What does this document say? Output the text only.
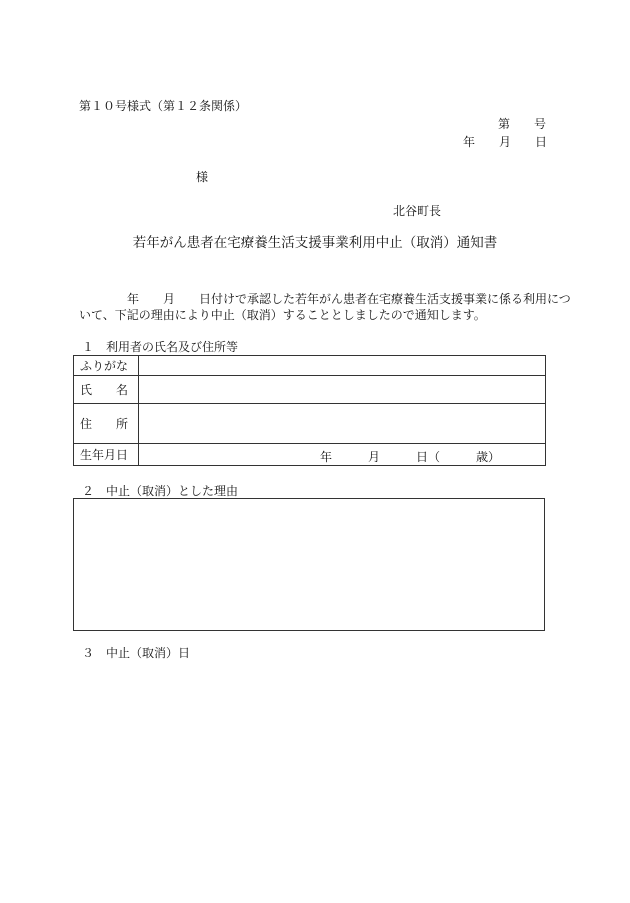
第１０号様式（第１２条関係）
第　　号
年　　月　　日
様
北谷町長
若年がん患者在宅療養生活支援事業利用中止（取消）通知書
　　　　年　　月　　日付けで承認した若年がん患者在宅療養生活支援事業に係る利用につ
いて、下記の理由により中止（取消）することとしましたので通知します。
１　利用者の氏名及び住所等
ふりがな	
氏　　名	
住　　所	
生年月日	年　　　月　　　日（　　　歳）
２　中止（取消）とした理由
３　中止（取消）日
